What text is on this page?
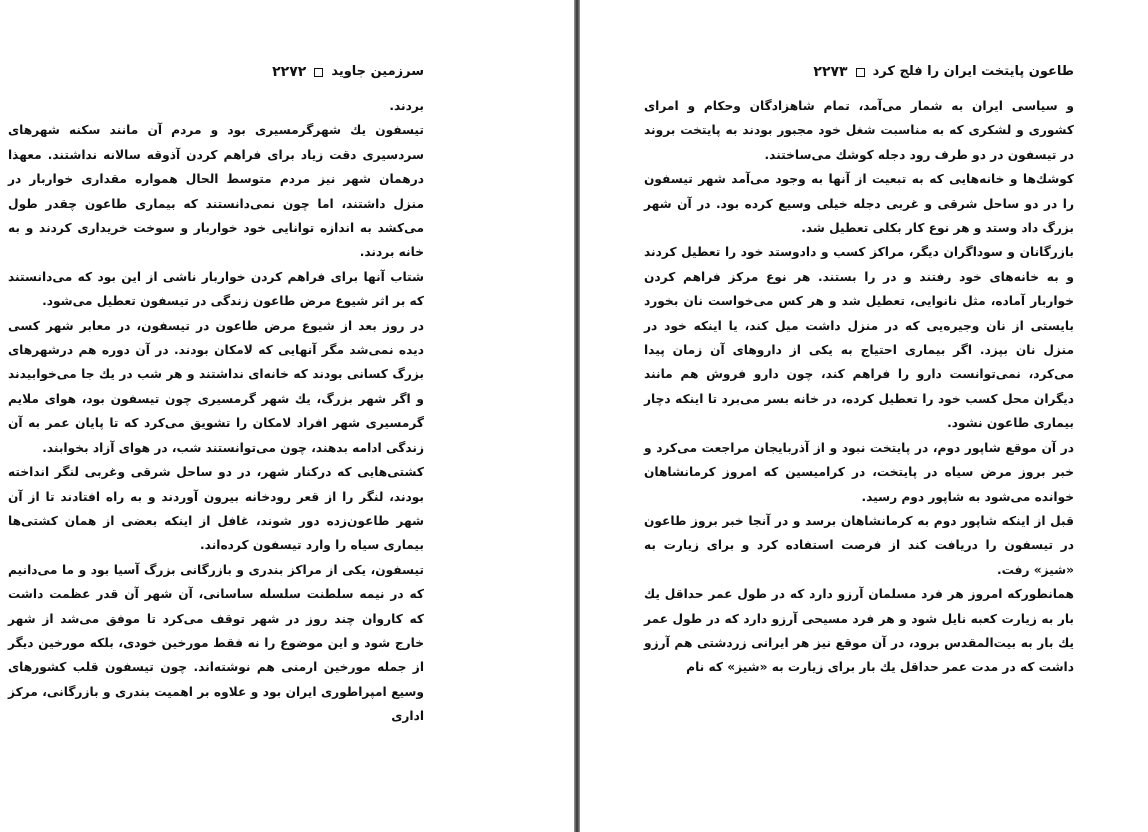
سرزمین جاوید
۲۲۷۲

بردند.

تیسفون یك شهرگرمسیری بود و مردم آن مانند سکنه شهرهای سردسیری دقت زیاد برای فراهم کردن آذوقه سالانه نداشتند. معهذا درهمان شهر نیز مردم متوسط الحال همواره مقداری خواربار در منزل داشتند، اما چون نمی‌دانستند که بیماری طاعون چقدر طول می‌کشد به اندازه توانایی خود خواربار و سوخت خریداری کردند و به خانه بردند.

شتاب آنها برای فراهم کردن خواربار ناشی از این بود که می‌دانستند که بر اثر شیوع مرض طاعون زندگی در تیسفون تعطیل می‌شود.

در روز بعد از شیوع مرض طاعون در تیسفون، در معابر شهر کسی دیده نمی‌شد مگر آنهایی که لامکان بودند. در آن دوره هم درشهرهای بزرگ کسانی بودند که خانه‌ای نداشتند و هر شب در یك جا می‌خوابیدند و اگر شهر بزرگ، یك شهر گرمسیری چون تیسفون بود، هوای ملایم گرمسیری شهر افراد لامکان را تشویق می‌کرد که تا پایان عمر به آن زندگی ادامه بدهند، چون می‌توانستند شب، در هوای آزاد بخوابند.

کشتی‌هایی که درکنار شهر، در دو ساحل شرقی وغربی لنگر انداخته بودند، لنگر را از قعر رودخانه بیرون آوردند و به راه افتادند تا از آن شهر طاعون‌زده دور شوند، غافل از اینکه بعضی از همان کشتی‌ها بیماری سیاه را وارد تیسفون کرده‌اند.

تیسفون، یکی از مراکز بندری و بازرگانی بزرگ آسیا بود و ما می‌دانیم که در نیمه سلطنت سلسله ساسانی، آن شهر آن قدر عظمت داشت که کاروان چند روز در شهر توقف می‌کرد تا موفق می‌شد از شهر خارج شود و این موضوع را نه فقط مورخین خودی، بلکه مورخین دیگر از جمله مورخین ارمنی هم نوشته‌اند. چون تیسفون قلب کشورهای وسیع امپراطوری ایران بود و علاوه بر اهمیت بندری و بازرگانی، مرکز اداری

طاعون پایتخت ایران را فلج کرد
۲۲۷۳

و سیاسی ایران به شمار می‌آمد، تمام شاهزادگان وحکام و امرای کشوری و لشکری که به مناسبت شغل خود مجبور بودند به پایتخت بروند در تیسفون در دو طرف رود دجله کوشك می‌ساختند.

کوشك‌ها و خانه‌هایی که به تبعیت از آنها به وجود می‌آمد شهر تیسفون را در دو ساحل شرقی و غربی دجله خیلی وسیع کرده بود. در آن شهر بزرگ داد وستد و هر نوع کار بکلی تعطیل شد.

بازرگانان و سوداگران دیگر، مراکز کسب و دادوستد خود را تعطیل کردند و به خانه‌های خود رفتند و در را بستند. هر نوع مرکز فراهم کردن خواربار آماده، مثل نانوایی، تعطیل شد و هر کس می‌خواست نان بخورد بایستی از نان وجیره‌یی که در منزل داشت میل کند، یا اینکه خود در منزل نان بپزد. اگر بیماری احتیاج به یکی از داروهای آن زمان پیدا می‌کرد، نمی‌توانست دارو را فراهم کند، چون دارو فروش هم مانند دیگران محل کسب خود را تعطیل کرده، در خانه بسر می‌برد تا اینکه دچار بیماری طاعون نشود.

در آن موقع شاپور دوم، در پایتخت نبود و از آذربایجان مراجعت می‌کرد و خبر بروز مرض سیاه در پایتخت، در کرامیسین که امروز کرمانشاهان خوانده می‌شود به شاپور دوم رسید.

قبل از اینکه شاپور دوم به کرمانشاهان برسد و در آنجا خبر بروز طاعون در تیسفون را دریافت کند از فرصت استفاده کرد و برای زیارت به «شیز» رفت.

همانطورکه امروز هر فرد مسلمان آرزو دارد که در طول عمر حداقل یك بار به زیارت کعبه نایل شود و هر فرد مسیحی آرزو دارد که در طول عمر یك بار به بیت‌المقدس برود، در آن موقع نیز هر ایرانی زردشتی هم آرزو داشت که در مدت عمر حداقل یك بار برای زیارت به «شیز» که نام
